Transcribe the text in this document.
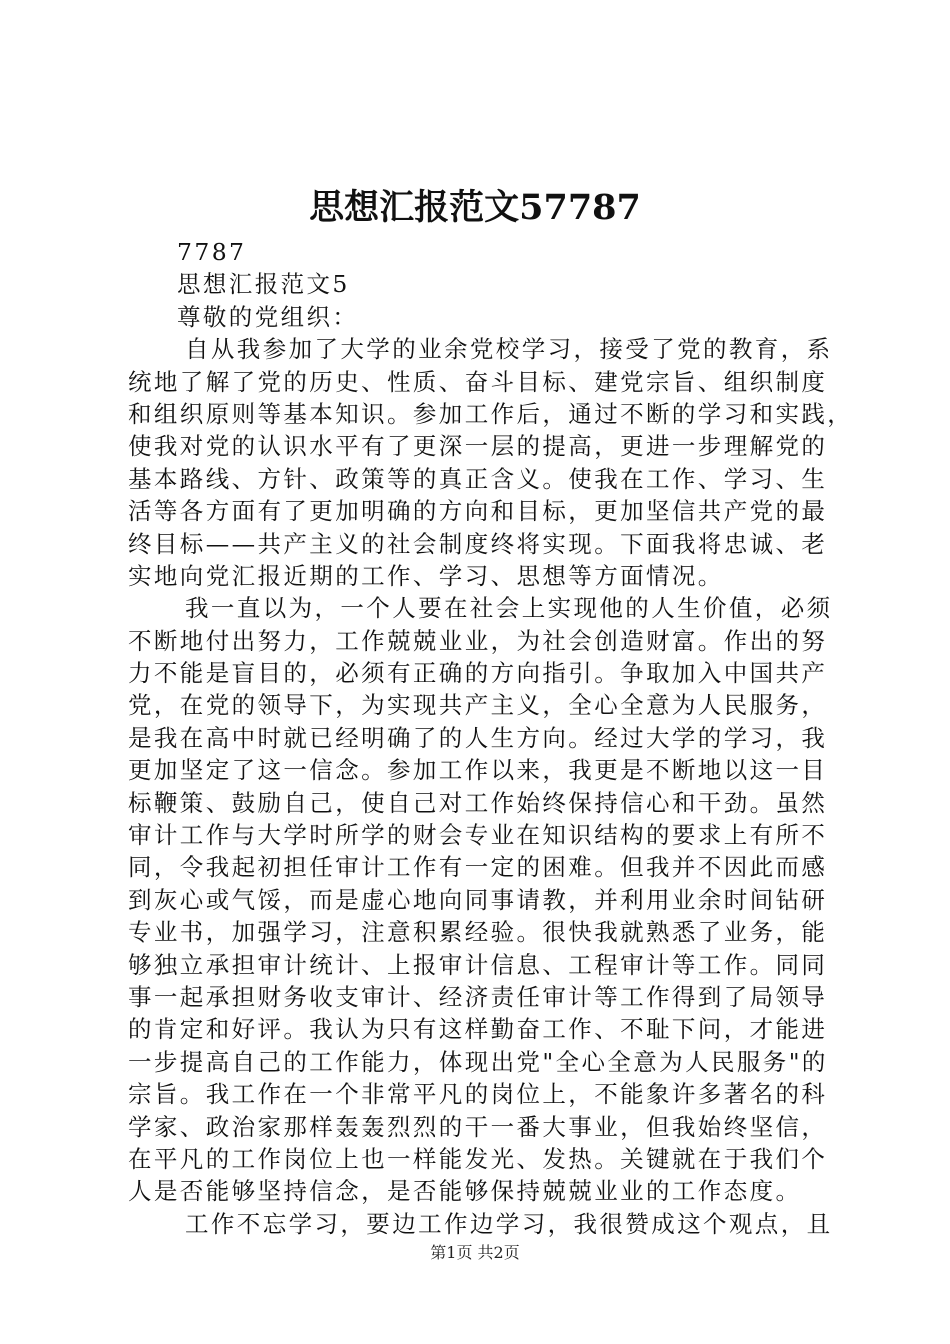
思想汇报范文57787
7787
思想汇报范文5
尊敬的党组织：
自从我参加了大学的业余党校学习，接受了党的教育，系
统地了解了党的历史、性质、奋斗目标、建党宗旨、组织制度
和组织原则等基本知识。参加工作后，通过不断的学习和实践，
使我对党的认识水平有了更深一层的提高，更进一步理解党的
基本路线、方针、政策等的真正含义。使我在工作、学习、生
活等各方面有了更加明确的方向和目标，更加坚信共产党的最
终目标——共产主义的社会制度终将实现。下面我将忠诚、老
实地向党汇报近期的工作、学习、思想等方面情况。
我一直以为，一个人要在社会上实现他的人生价值，必须
不断地付出努力，工作兢兢业业，为社会创造财富。作出的努
力不能是盲目的，必须有正确的方向指引。争取加入中国共产
党，在党的领导下，为实现共产主义，全心全意为人民服务，
是我在高中时就已经明确了的人生方向。经过大学的学习，我
更加坚定了这一信念。参加工作以来，我更是不断地以这一目
标鞭策、鼓励自己，使自己对工作始终保持信心和干劲。虽然
审计工作与大学时所学的财会专业在知识结构的要求上有所不
同，令我起初担任审计工作有一定的困难。但我并不因此而感
到灰心或气馁，而是虚心地向同事请教，并利用业余时间钻研
专业书，加强学习，注意积累经验。很快我就熟悉了业务，能
够独立承担审计统计、上报审计信息、工程审计等工作。同同
事一起承担财务收支审计、经济责任审计等工作得到了局领导
的肯定和好评。我认为只有这样勤奋工作、不耻下问，才能进
一步提高自己的工作能力，体现出党"全心全意为人民服务"的
宗旨。我工作在一个非常平凡的岗位上，不能象许多著名的科
学家、政治家那样轰轰烈烈的干一番大事业，但我始终坚信，
在平凡的工作岗位上也一样能发光、发热。关键就在于我们个
人是否能够坚持信念，是否能够保持兢兢业业的工作态度。
工作不忘学习，要边工作边学习，我很赞成这个观点，且
第1页 共2页
